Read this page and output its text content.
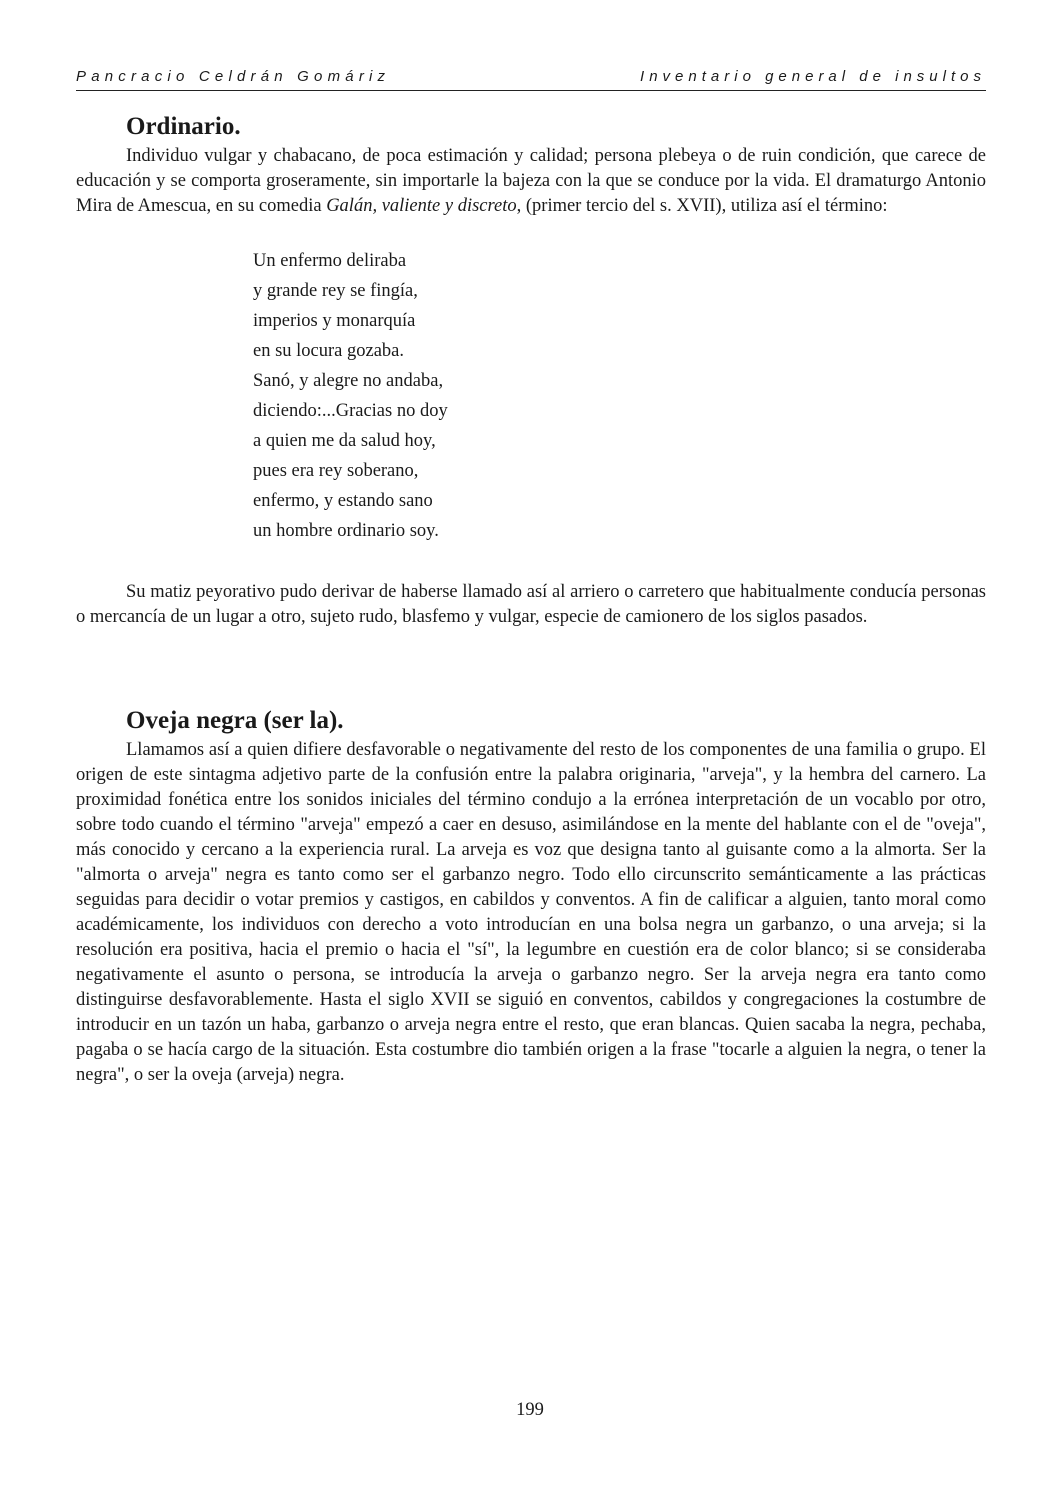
Pancracio Celdrán Gomáriz	Inventario general de insultos
Ordinario.

Individuo vulgar y chabacano, de poca estimación y calidad; persona plebeya o de ruin condición, que carece de educación y se comporta groseramente, sin importarle la bajeza con la que se conduce por la vida. El dramaturgo Antonio Mira de Amescua, en su comedia Galán, valiente y discreto, (primer tercio del s. XVII), utiliza así el término:

Un enfermo deliraba
y grande rey se fingía,
imperios y monarquía
en su locura gozaba.
Sanó, y alegre no andaba,
diciendo:...Gracias no doy
a quien me da salud hoy,
pues era rey soberano,
enfermo, y estando sano
un hombre ordinario soy.

Su matiz peyorativo pudo derivar de haberse llamado así al arriero o carretero que habitualmente conducía personas o mercancía de un lugar a otro, sujeto rudo, blasfemo y vulgar, especie de camionero de los siglos pasados.

Oveja negra (ser la).

Llamamos así a quien difiere desfavorable o negativamente del resto de los componentes de una familia o grupo. El origen de este sintagma adjetivo parte de la confusión entre la palabra originaria, "arveja", y la hembra del carnero. La proximidad fonética entre los sonidos iniciales del término condujo a la errónea interpretación de un vocablo por otro, sobre todo cuando el término "arveja" empezó a caer en desuso, asimilándose en la mente del hablante con el de "oveja", más conocido y cercano a la experiencia rural. La arveja es voz que designa tanto al guisante como a la almorta. Ser la "almorta o arveja" negra es tanto como ser el garbanzo negro. Todo ello circunscrito semánticamente a las prácticas seguidas para decidir o votar premios y castigos, en cabildos y conventos. A fin de calificar a alguien, tanto moral como académicamente, los individuos con derecho a voto introducían en una bolsa negra un garbanzo, o una arveja; si la resolución era positiva, hacia el premio o hacia el "sí", la legumbre en cuestión era de color blanco; si se consideraba negativamente el asunto o persona, se introducía la arveja o garbanzo negro. Ser la arveja negra era tanto como distinguirse desfavorablemente. Hasta el siglo XVII se siguió en conventos, cabildos y congregaciones la costumbre de introducir en un tazón un haba, garbanzo o arveja negra entre el resto, que eran blancas. Quien sacaba la negra, pechaba, pagaba o se hacía cargo de la situación. Esta costumbre dio también origen a la frase "tocarle a alguien la negra, o tener la negra", o ser la oveja (arveja) negra.

199
